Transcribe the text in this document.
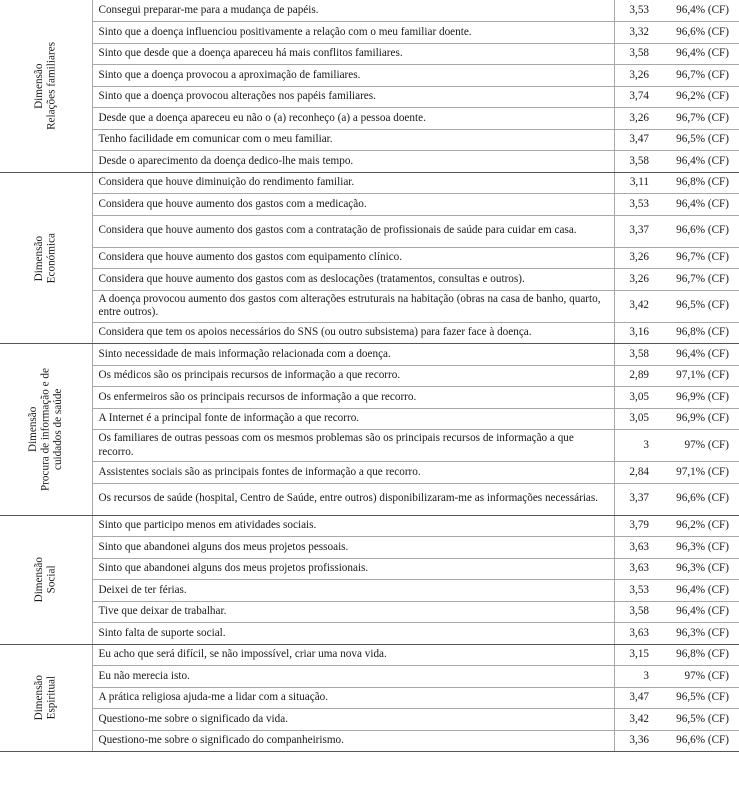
Dimensão Relações familiares	Consegui preparar-me para a mudança de papéis.	3,53	96,4% (CF)
	Sinto que a doença influenciou positivamente a relação com o meu familiar doente.	3,32	96,6% (CF)
	Sinto que desde que a doença apareceu há mais conflitos familiares.	3,58	96,4% (CF)
	Sinto que a doença provocou a aproximação de familiares.	3,26	96,7% (CF)
	Sinto que a doença provocou alterações nos papéis familiares.	3,74	96,2% (CF)
	Desde que a doença apareceu eu não o (a) reconheço (a) a pessoa doente.	3,26	96,7% (CF)
	Tenho facilidade em comunicar com o meu familiar.	3,47	96,5% (CF)
	Desde o aparecimento da doença dedico-lhe mais tempo.	3,58	96,4% (CF)

Dimensão Económica	Considera que houve diminuição do rendimento familiar.	3,11	96,8% (CF)
	Considera que houve aumento dos gastos com a medicação.	3,53	96,4% (CF)
	Considera que houve aumento dos gastos com a contratação de profissionais de saúde para cuidar em casa.	3,37	96,6% (CF)
	Considera que houve aumento dos gastos com equipamento clínico.	3,26	96,7% (CF)
	Considera que houve aumento dos gastos com as deslocações (tratamentos, consultas e outros).	3,26	96,7% (CF)
	A doença provocou aumento dos gastos com alterações estruturais na habitação (obras na casa de banho, quarto, entre outros).	3,42	96,5% (CF)
	Considera que tem os apoios necessários do SNS (ou outro subsistema) para fazer face à doença.	3,16	96,8% (CF)

Dimensão Procura de informação e de cuidados de saúde	Sinto necessidade de mais informação relacionada com a doença.	3,58	96,4% (CF)
	Os médicos são os principais recursos de informação a que recorro.	2,89	97,1% (CF)
	Os enfermeiros são os principais recursos de informação a que recorro.	3,05	96,9% (CF)
	A Internet é a principal fonte de informação a que recorro.	3,05	96,9% (CF)
	Os familiares de outras pessoas com os mesmos problemas são os principais recursos de informação a que recorro.	3	97% (CF)
	Assistentes sociais são as principais fontes de informação a que recorro.	2,84	97,1% (CF)
	Os recursos de saúde (hospital, Centro de Saúde, entre outros) disponibilizaram-me as informações necessárias.	3,37	96,6% (CF)

Dimensão Social	Sinto que participo menos em atividades sociais.	3,79	96,2% (CF)
	Sinto que abandonei alguns dos meus projetos pessoais.	3,63	96,3% (CF)
	Sinto que abandonei alguns dos meus projetos profissionais.	3,63	96,3% (CF)
	Deixei de ter férias.	3,53	96,4% (CF)
	Tive que deixar de trabalhar.	3,58	96,4% (CF)
	Sinto falta de suporte social.	3,63	96,3% (CF)

Dimensão Espiritual	Eu acho que será difícil, se não impossível, criar uma nova vida.	3,15	96,8% (CF)
	Eu não merecia isto.	3	97% (CF)
	A prática religiosa ajuda-me a lidar com a situação.	3,47	96,5% (CF)
	Questiono-me sobre o significado da vida.	3,42	96,5% (CF)
	Questiono-me sobre o significado do companheirismo.	3,36	96,6% (CF)
